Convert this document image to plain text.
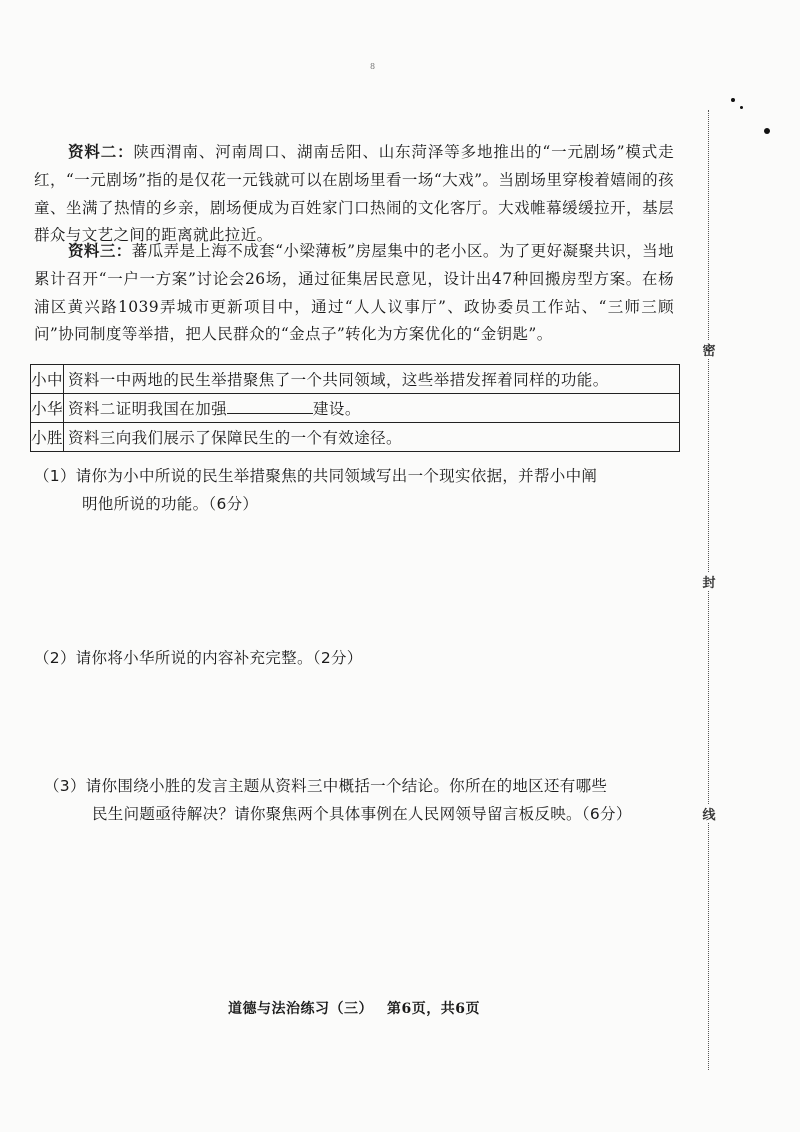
8
资料二：陕西渭南、河南周口、湖南岳阳、山东菏泽等多地推出的“一元剧场”模式走红，“一元剧场”指的是仅花一元钱就可以在剧场里看一场“大戏”。当剧场里穿梭着嬉闹的孩童、坐满了热情的乡亲，剧场便成为百姓家门口热闹的文化客厅。大戏帷幕缓缓拉开，基层群众与文艺之间的距离就此拉近。
资料三：蕃瓜弄是上海不成套“小梁薄板”房屋集中的老小区。为了更好凝聚共识，当地累计召开“一户一方案”讨论会26场，通过征集居民意见，设计出47种回搬房型方案。在杨浦区黄兴路1039弄城市更新项目中，通过“人人议事厅”、政协委员工作站、“三师三顾问”协同制度等举措，把人民群众的“金点子”转化为方案优化的“金钥匙”。
小中	资料一中两地的民生举措聚焦了一个共同领域，这些举措发挥着同样的功能。
小华	资料二证明我国在加强 建设。
小胜	资料三向我们展示了保障民生的一个有效途径。
（1）请你为小中所说的民生举措聚焦的共同领域写出一个现实依据，并帮小中阐
明他所说的功能。（6分）
（2）请你将小华所说的内容补充完整。（2分）
（3）请你围绕小胜的发言主题从资料三中概括一个结论。你所在的地区还有哪些
民生问题亟待解决？请你聚焦两个具体事例在人民网领导留言板反映。（6分）
道德与法治练习（三） 第6页，共6页
密
封
线
